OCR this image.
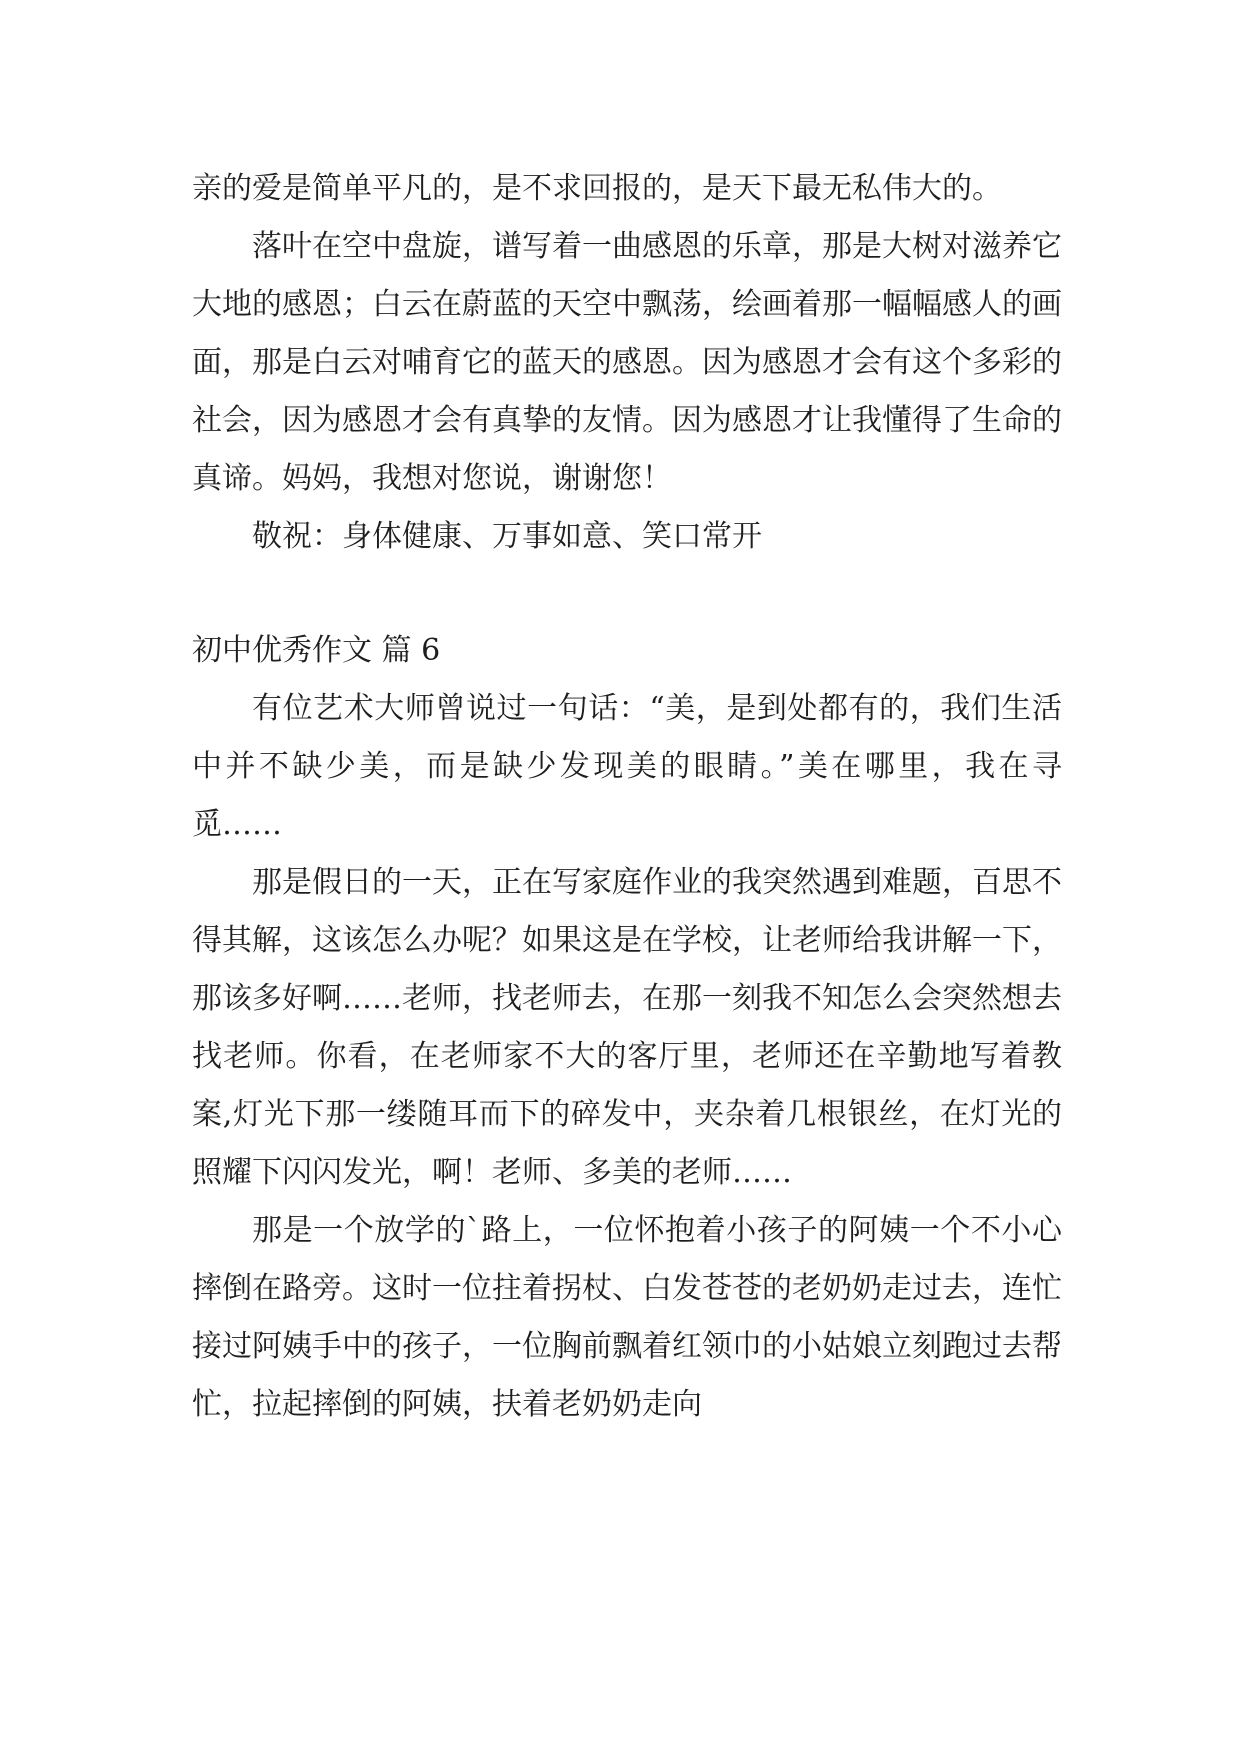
亲的爱是简单平凡的，是不求回报的，是天下最无私伟大的。

落叶在空中盘旋，谱写着一曲感恩的乐章，那是大树对滋养它大地的感恩；白云在蔚蓝的天空中飘荡，绘画着那一幅幅感人的画面，那是白云对哺育它的蓝天的感恩。因为感恩才会有这个多彩的社会，因为感恩才会有真挚的友情。因为感恩才让我懂得了生命的真谛。妈妈，我想对您说，谢谢您！

敬祝：身体健康、万事如意、笑口常开

初中优秀作文 篇 6

有位艺术大师曾说过一句话：“美，是到处都有的，我们生活中并不缺少美，而是缺少发现美的眼睛。”美在哪里，我在寻觅……

那是假日的一天，正在写家庭作业的我突然遇到难题，百思不得其解，这该怎么办呢？如果这是在学校，让老师给我讲解一下，那该多好啊……老师，找老师去，在那一刻我不知怎么会突然想去找老师。你看，在老师家不大的客厅里，老师还在辛勤地写着教案,灯光下那一缕随耳而下的碎发中，夹杂着几根银丝，在灯光的照耀下闪闪发光，啊！老师、多美的老师……

那是一个放学的`路上，一位怀抱着小孩子的阿姨一个不小心摔倒在路旁。这时一位拄着拐杖、白发苍苍的老奶奶走过去，连忙接过阿姨手中的孩子，一位胸前飘着红领巾的小姑娘立刻跑过去帮忙，拉起摔倒的阿姨，扶着老奶奶走向
